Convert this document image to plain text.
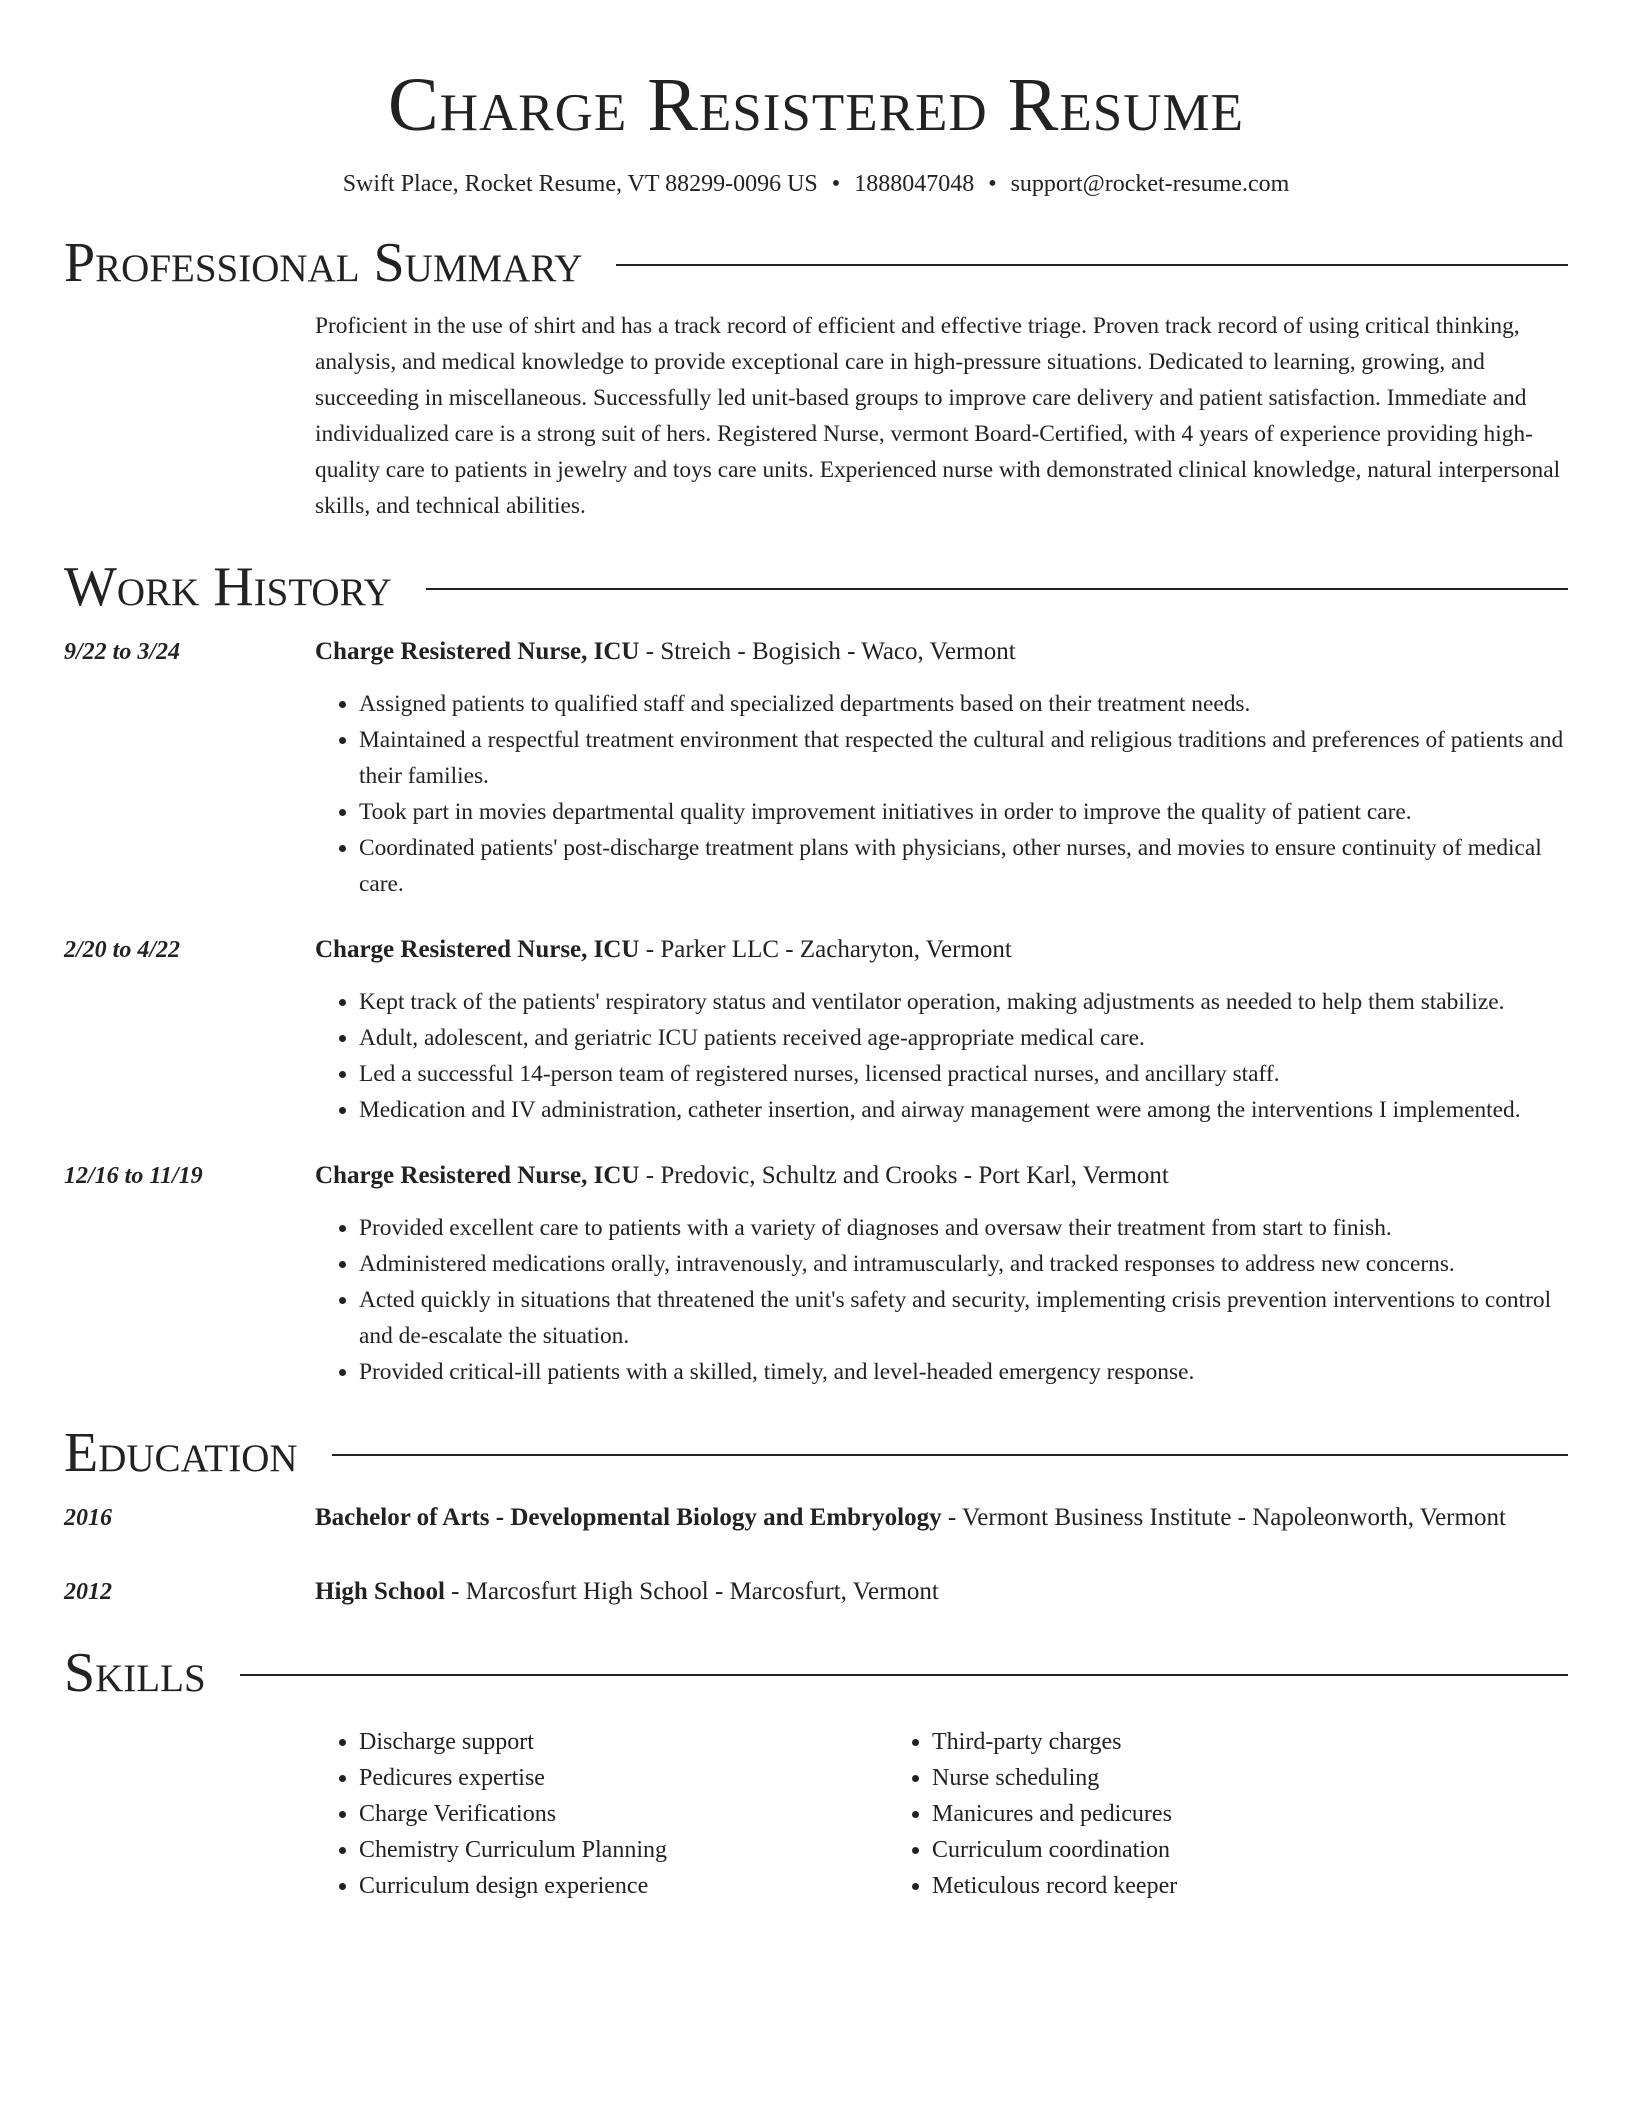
Charge Resistered Resume
Swift Place, Rocket Resume, VT 88299-0096 US • 1888047048 • support@rocket-resume.com
Professional Summary
Proficient in the use of shirt and has a track record of efficient and effective triage. Proven track record of using critical thinking, analysis, and medical knowledge to provide exceptional care in high-pressure situations. Dedicated to learning, growing, and succeeding in miscellaneous. Successfully led unit-based groups to improve care delivery and patient satisfaction. Immediate and individualized care is a strong suit of hers. Registered Nurse, vermont Board-Certified, with 4 years of experience providing high-quality care to patients in jewelry and toys care units. Experienced nurse with demonstrated clinical knowledge, natural interpersonal skills, and technical abilities.
Work History
9/22 to 3/24	Charge Resistered Nurse, ICU - Streich - Bogisich - Waco, Vermont
• Assigned patients to qualified staff and specialized departments based on their treatment needs.
• Maintained a respectful treatment environment that respected the cultural and religious traditions and preferences of patients and their families.
• Took part in movies departmental quality improvement initiatives in order to improve the quality of patient care.
• Coordinated patients' post-discharge treatment plans with physicians, other nurses, and movies to ensure continuity of medical care.
2/20 to 4/22	Charge Resistered Nurse, ICU - Parker LLC - Zacharyton, Vermont
• Kept track of the patients' respiratory status and ventilator operation, making adjustments as needed to help them stabilize.
• Adult, adolescent, and geriatric ICU patients received age-appropriate medical care.
• Led a successful 14-person team of registered nurses, licensed practical nurses, and ancillary staff.
• Medication and IV administration, catheter insertion, and airway management were among the interventions I implemented.
12/16 to 11/19	Charge Resistered Nurse, ICU - Predovic, Schultz and Crooks - Port Karl, Vermont
• Provided excellent care to patients with a variety of diagnoses and oversaw their treatment from start to finish.
• Administered medications orally, intravenously, and intramuscularly, and tracked responses to address new concerns.
• Acted quickly in situations that threatened the unit's safety and security, implementing crisis prevention interventions to control and de-escalate the situation.
• Provided critical-ill patients with a skilled, timely, and level-headed emergency response.
Education
2016	Bachelor of Arts - Developmental Biology and Embryology - Vermont Business Institute - Napoleonworth, Vermont
2012	High School - Marcosfurt High School - Marcosfurt, Vermont
Skills
• Discharge support
• Pedicures expertise
• Charge Verifications
• Chemistry Curriculum Planning
• Curriculum design experience
• Third-party charges
• Nurse scheduling
• Manicures and pedicures
• Curriculum coordination
• Meticulous record keeper
